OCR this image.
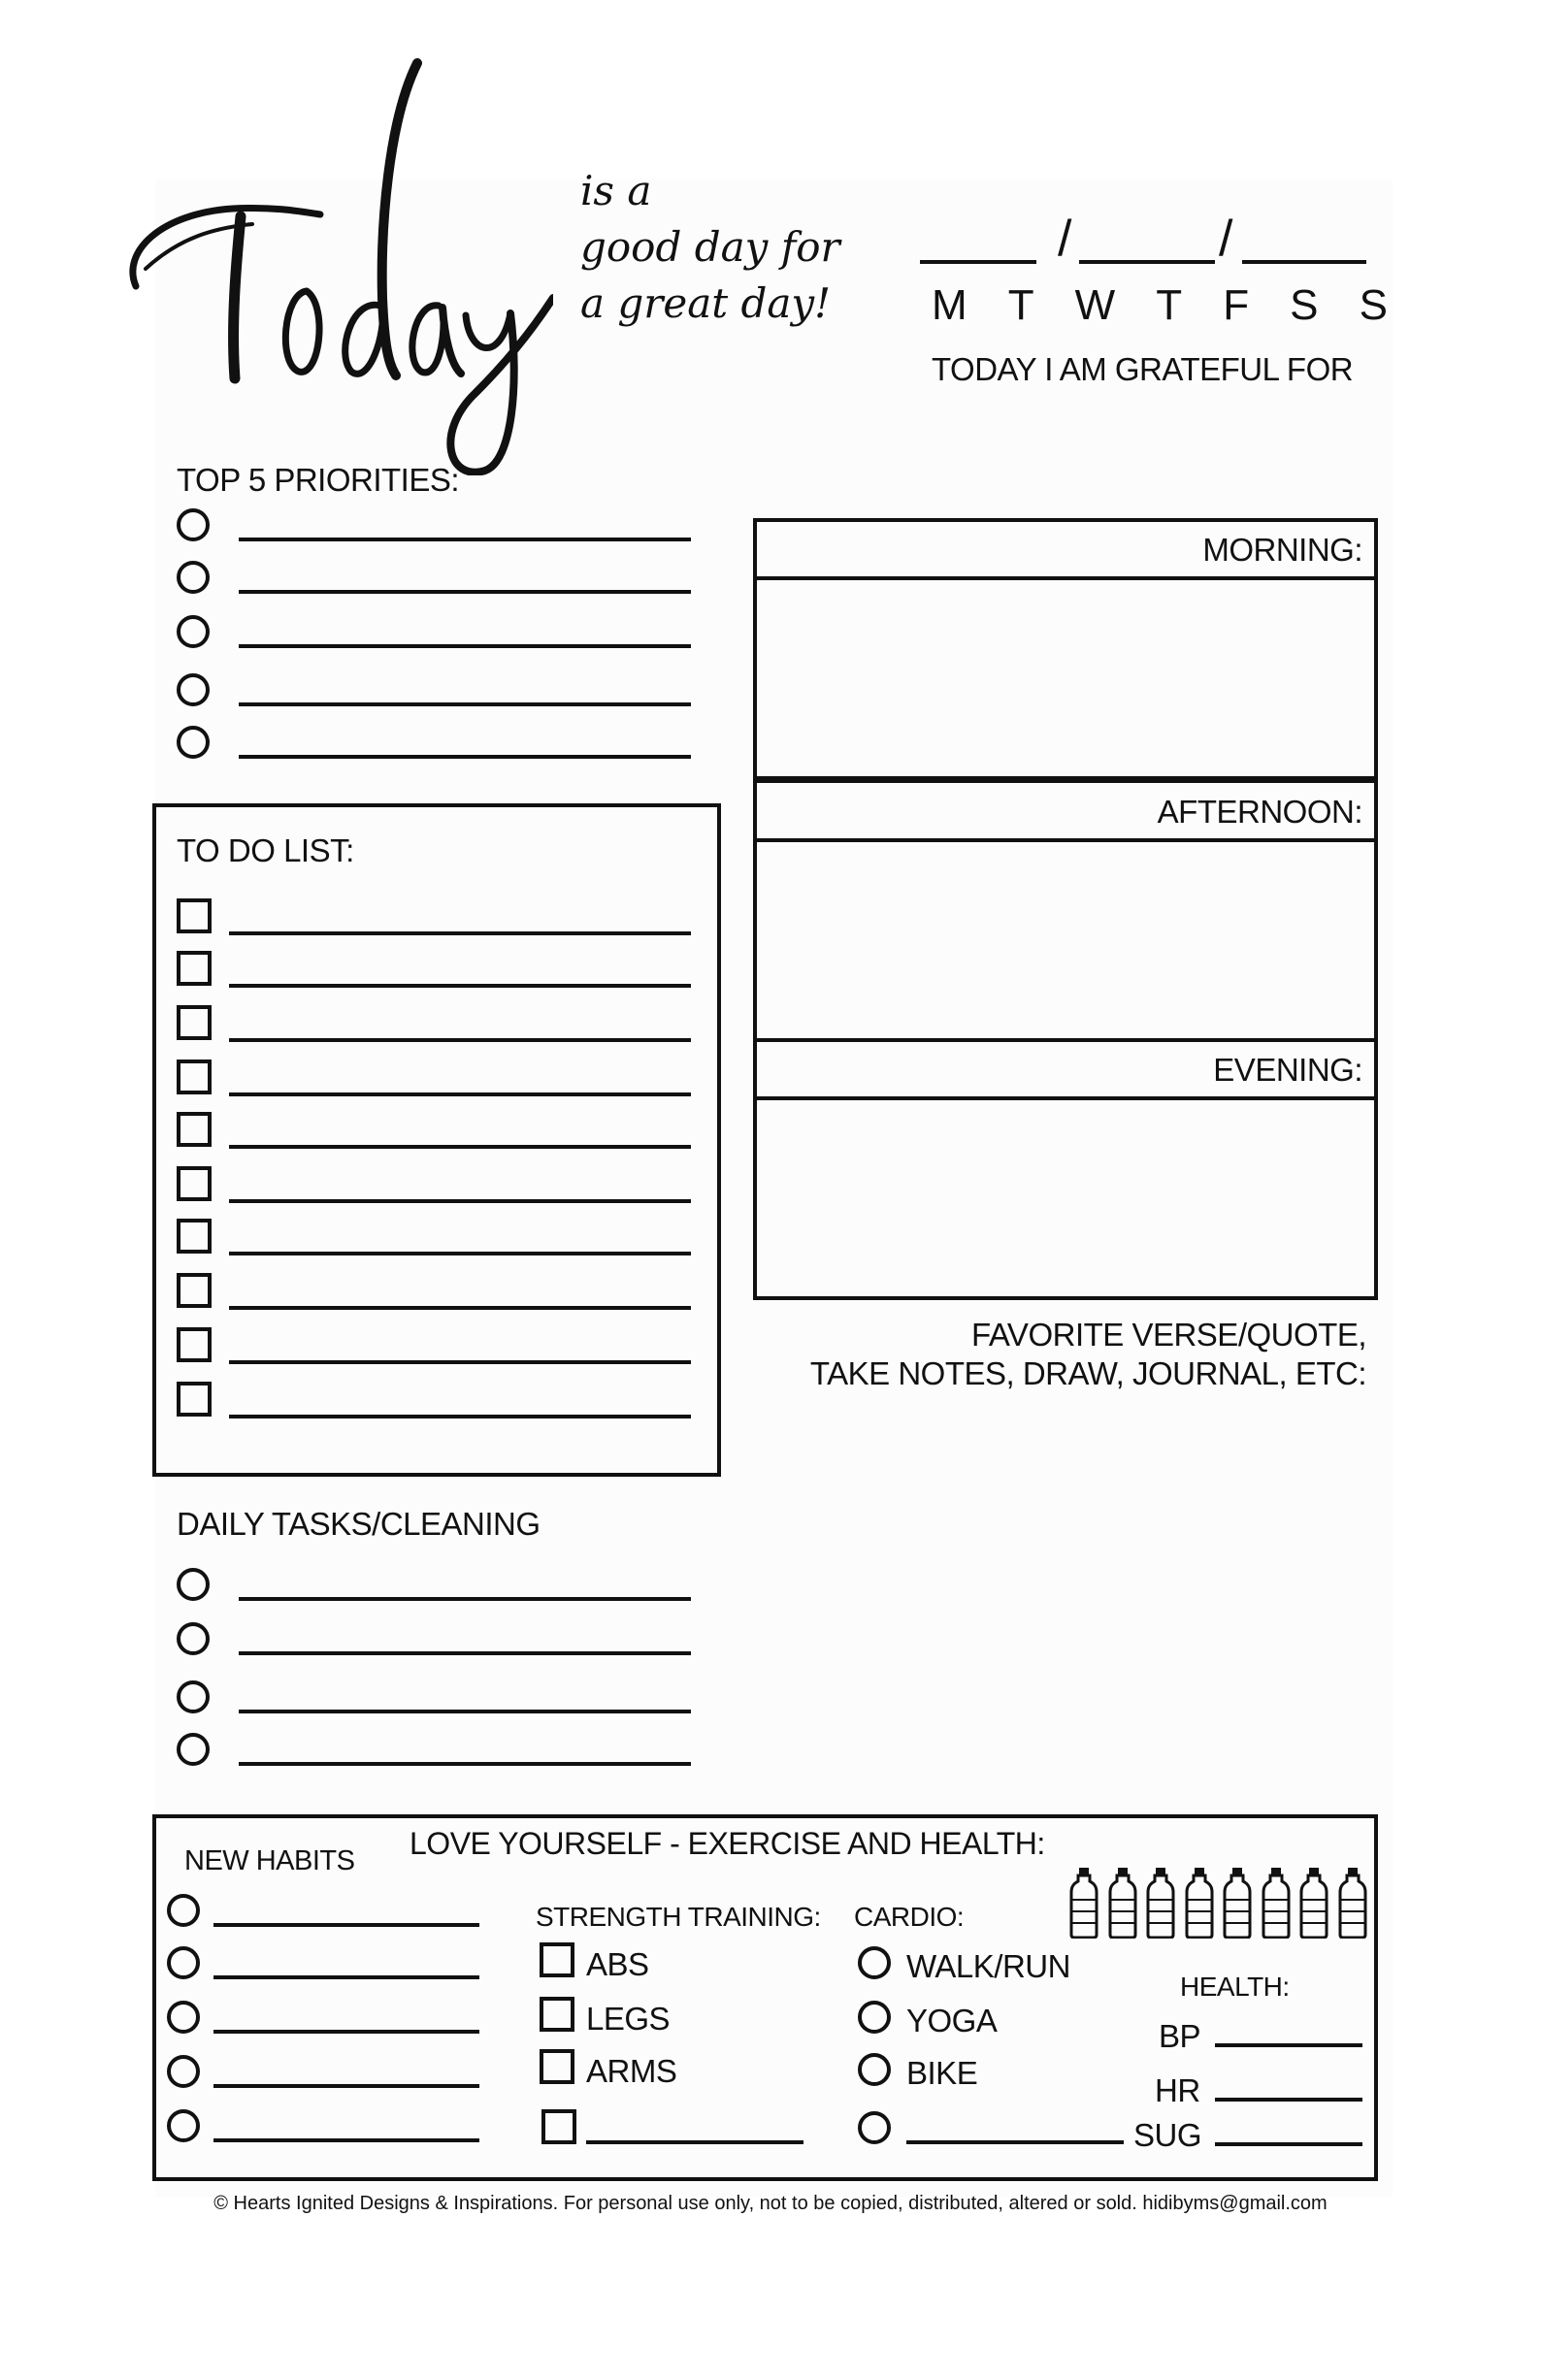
is a
good day for
a great day!
/	/
M T W T F S S
TODAY I AM GRATEFUL FOR
TOP 5 PRIORITIES:
MORNING:
AFTERNOON:
EVENING:
FAVORITE VERSE/QUOTE,
TAKE NOTES, DRAW, JOURNAL, ETC:
TO DO LIST:
DAILY TASKS/CLEANING
LOVE YOURSELF - EXERCISE AND HEALTH:
NEW HABITS
STRENGTH TRAINING:
ABS
LEGS
ARMS
CARDIO:
WALK/RUN
YOGA
BIKE
HEALTH:
BP
HR
SUG
© Hearts Ignited Designs & Inspirations. For personal use only, not to be copied, distributed, altered or sold. hidibyms@gmail.com
